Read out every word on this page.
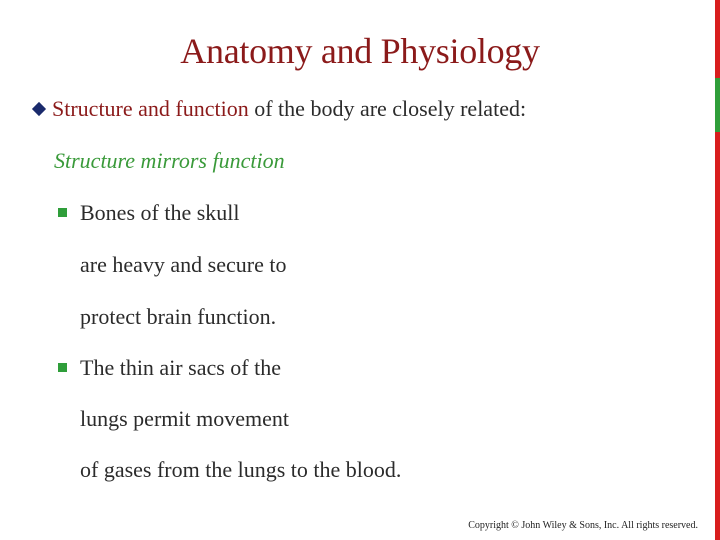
Anatomy and Physiology
Structure and function of the body are closely related:
Structure mirrors function
Bones of the skull
are heavy and secure to
protect brain function.
The thin air sacs of the
lungs permit movement
of gases from the lungs to the blood.
Copyright © John Wiley & Sons, Inc. All rights reserved.
